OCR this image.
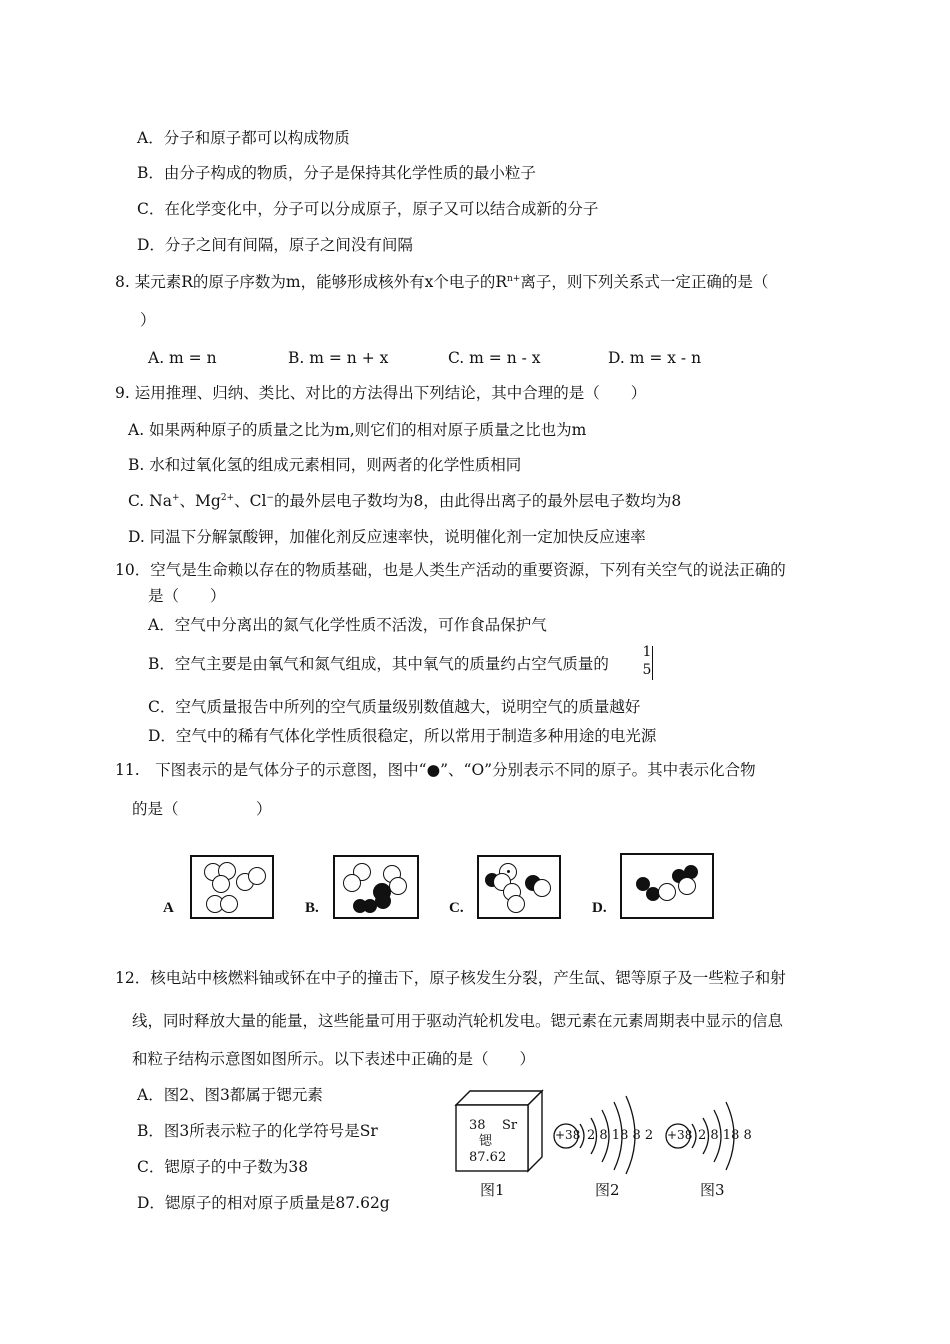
A．分子和原子都可以构成物质
B．由分子构成的物质，分子是保持其化学性质的最小粒子
C．在化学变化中，分子可以分成原子，原子又可以结合成新的分子
D．分子之间有间隔，原子之间没有间隔
8. 某元素R的原子序数为m，能够形成核外有x个电子的$R^{n+}$离子，则下列关系式一定正确的是（
）
A. m = n	B. m = n + x	C. m = n - x	D. m = x - n
9. 运用推理、归纳、类比、对比的方法得出下列结论，其中合理的是（　　）
A. 如果两种原子的质量之比为m,则它们的相对原子质量之比也为m
B. 水和过氧化氢的组成元素相同，则两者的化学性质相同
C. Na+、$Mg^{2+}$、Cl−的最外层电子数均为8，由此得出离子的最外层电子数均为8
D. 同温下分解氯酸钾，加催化剂反应速率快，说明催化剂一定加快反应速率
10．空气是生命赖以存在的物质基础，也是人类生产活动的重要资源，下列有关空气的说法正确的
是（　　）
A．空气中分离出的氮气化学性质不活泼，可作食品保护气
B．空气主要是由氧气和氮气组成，其中氧气的质量约占空气质量的
1
5
C．空气质量报告中所列的空气质量级别数值越大，说明空气的质量越好
D．空气中的稀有气体化学性质很稳定，所以常用于制造多种用途的电光源
11.　下图表示的是气体分子的示意图，图中“●”、“O”分别表示不同的原子。其中表示化合物
的是（　　　　　）
A	B.	C.	D.
12．核电站中核燃料铀或钚在中子的撞击下，原子核发生分裂，产生氙、锶等原子及一些粒子和射
线，同时释放大量的能量，这些能量可用于驱动汽轮机发电。锶元素在元素周期表中显示的信息
和粒子结构示意图如图所示。以下表述中正确的是（　　）
A．图2、图3都属于锶元素
B．图3所表示粒子的化学符号是Sr
C．锶原子的中子数为38
D．锶原子的相对原子质量是87.62g
38 Sr
锶
87.62
图1
+38 2 8 18 8 2
图2
+38 2 8 18 8
图3
